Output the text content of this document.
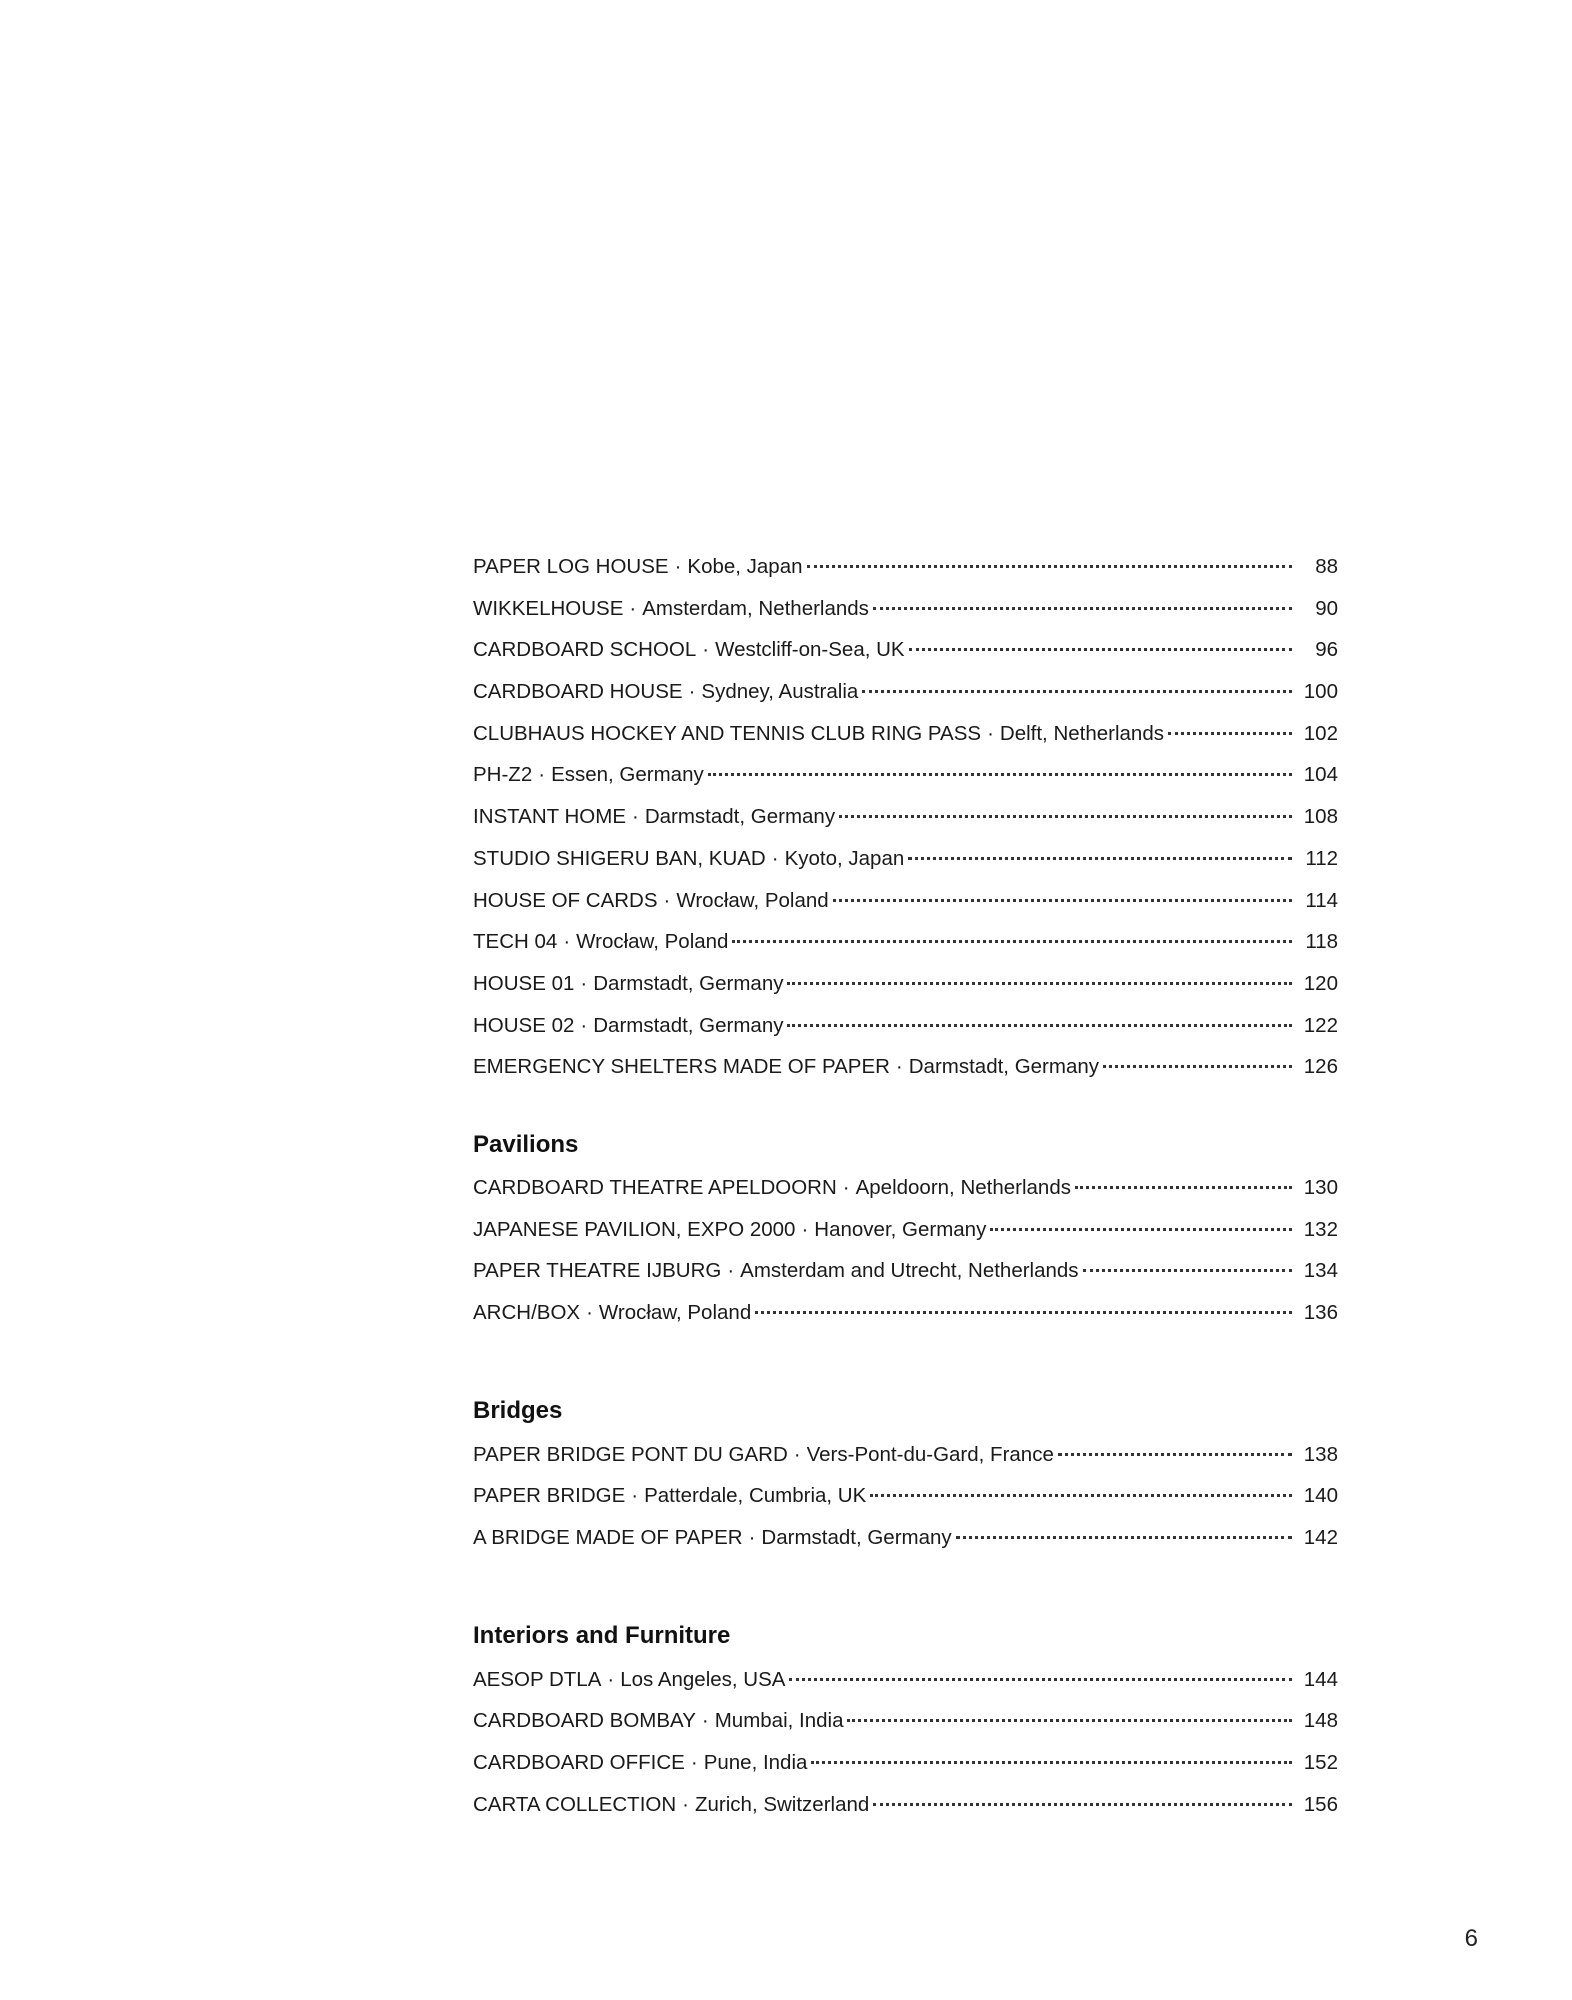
PAPER LOG HOUSE · Kobe, Japan	88
WIKKELHOUSE · Amsterdam, Netherlands	90
CARDBOARD SCHOOL · Westcliff-on-Sea, UK	96
CARDBOARD HOUSE · Sydney, Australia	100
CLUBHAUS HOCKEY AND TENNIS CLUB RING PASS · Delft, Netherlands	102
PH-Z2 · Essen, Germany	104
INSTANT HOME · Darmstadt, Germany	108
STUDIO SHIGERU BAN, KUAD · Kyoto, Japan	112
HOUSE OF CARDS · Wrocław, Poland	114
TECH 04 · Wrocław, Poland	118
HOUSE 01 · Darmstadt, Germany	120
HOUSE 02 · Darmstadt, Germany	122
EMERGENCY SHELTERS MADE OF PAPER · Darmstadt, Germany	126
Pavilions
CARDBOARD THEATRE APELDOORN · Apeldoorn, Netherlands	130
JAPANESE PAVILION, EXPO 2000 · Hanover, Germany	132
PAPER THEATRE IJBURG · Amsterdam and Utrecht, Netherlands	134
ARCH/BOX · Wrocław, Poland	136
Bridges
PAPER BRIDGE PONT DU GARD · Vers-Pont-du-Gard, France	138
PAPER BRIDGE · Patterdale, Cumbria, UK	140
A BRIDGE MADE OF PAPER · Darmstadt, Germany	142
Interiors and Furniture
AESOP DTLA · Los Angeles, USA	144
CARDBOARD BOMBAY · Mumbai, India	148
CARDBOARD OFFICE · Pune, India	152
CARTA COLLECTION · Zurich, Switzerland	156
6
